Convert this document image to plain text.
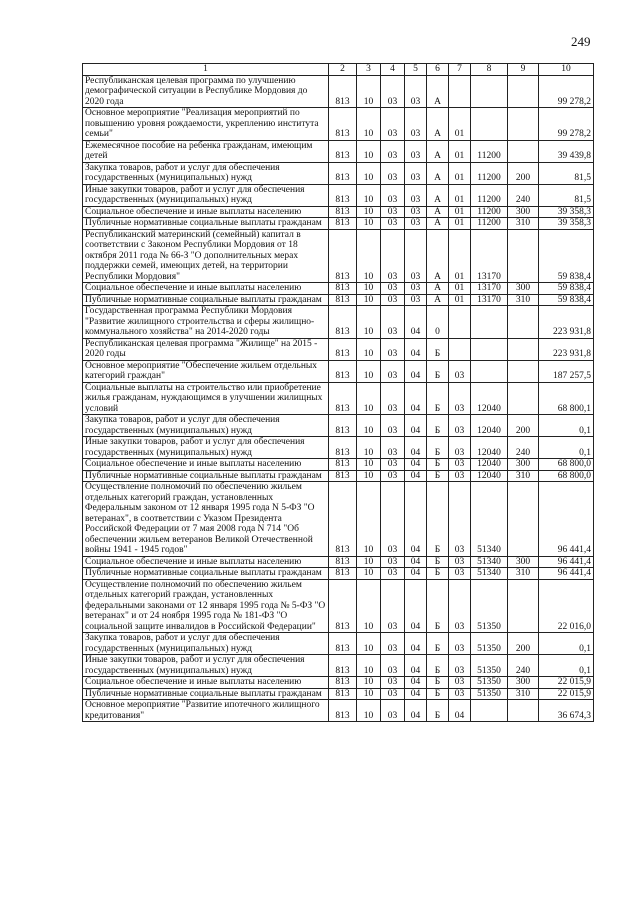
249
1	2	3	4	5	6	7	8	9	10
Республиканская целевая программа по улучшению демографической ситуации в Республике Мордовия до 2020 года	813	10	03	03	А				99 278,2
Основное мероприятие "Реализация мероприятий по повышению уровня рождаемости, укреплению института семьи"	813	10	03	03	А	01			99 278,2
Ежемесячное пособие на ребенка гражданам, имеющим детей	813	10	03	03	А	01	11200		39 439,8
Закупка товаров, работ и услуг для обеспечения государственных (муниципальных) нужд	813	10	03	03	А	01	11200	200	81,5
Иные закупки товаров, работ и услуг для обеспечения государственных (муниципальных) нужд	813	10	03	03	А	01	11200	240	81,5
Социальное обеспечение и иные выплаты населению	813	10	03	03	А	01	11200	300	39 358,3
Публичные нормативные социальные выплаты гражданам	813	10	03	03	А	01	11200	310	39 358,3
Республиканский материнский (семейный) капитал в соответствии с Законом Республики Мордовия от 18 октября 2011 года № 66-З "О дополнительных мерах поддержки семей, имеющих детей, на территории Республики Мордовия"	813	10	03	03	А	01	13170		59 838,4
Социальное обеспечение и иные выплаты населению	813	10	03	03	А	01	13170	300	59 838,4
Публичные нормативные социальные выплаты гражданам	813	10	03	03	А	01	13170	310	59 838,4
Государственная программа Республики Мордовия "Развитие жилищного строительства и сферы жилищно-коммунального хозяйства" на 2014-2020 годы	813	10	03	04	0				223 931,8
Республиканская целевая программа "Жилище" на 2015 - 2020 годы	813	10	03	04	Б				223 931,8
Основное мероприятие "Обеспечение жильем отдельных категорий граждан"	813	10	03	04	Б	03			187 257,5
Социальные выплаты на строительство или приобретение жилья гражданам, нуждающимся в улучшении жилищных условий	813	10	03	04	Б	03	12040		68 800,1
Закупка товаров, работ и услуг для обеспечения государственных (муниципальных) нужд	813	10	03	04	Б	03	12040	200	0,1
Иные закупки товаров, работ и услуг для обеспечения государственных (муниципальных) нужд	813	10	03	04	Б	03	12040	240	0,1
Социальное обеспечение и иные выплаты населению	813	10	03	04	Б	03	12040	300	68 800,0
Публичные нормативные социальные выплаты гражданам	813	10	03	04	Б	03	12040	310	68 800,0
Осуществление полномочий по обеспечению жильем отдельных категорий граждан, установленных Федеральным законом от 12 января 1995 года N 5-ФЗ "О ветеранах", в соответствии с Указом Президента Российской Федерации от 7 мая 2008 года N 714 "Об обеспечении жильем ветеранов Великой Отечественной войны 1941 - 1945 годов"	813	10	03	04	Б	03	51340		96 441,4
Социальное обеспечение и иные выплаты населению	813	10	03	04	Б	03	51340	300	96 441,4
Публичные нормативные социальные выплаты гражданам	813	10	03	04	Б	03	51340	310	96 441,4
Осуществление полномочий по обеспечению жильем отдельных категорий граждан, установленных федеральными законами от 12 января 1995 года № 5-ФЗ "О ветеранах" и от 24 ноября 1995 года № 181-ФЗ "О социальной защите инвалидов в Российской Федерации"	813	10	03	04	Б	03	51350		22 016,0
Закупка товаров, работ и услуг для обеспечения государственных (муниципальных) нужд	813	10	03	04	Б	03	51350	200	0,1
Иные закупки товаров, работ и услуг для обеспечения государственных (муниципальных) нужд	813	10	03	04	Б	03	51350	240	0,1
Социальное обеспечение и иные выплаты населению	813	10	03	04	Б	03	51350	300	22 015,9
Публичные нормативные социальные выплаты гражданам	813	10	03	04	Б	03	51350	310	22 015,9
Основное мероприятие "Развитие ипотечного жилищного кредитования"	813	10	03	04	Б	04			36 674,3
